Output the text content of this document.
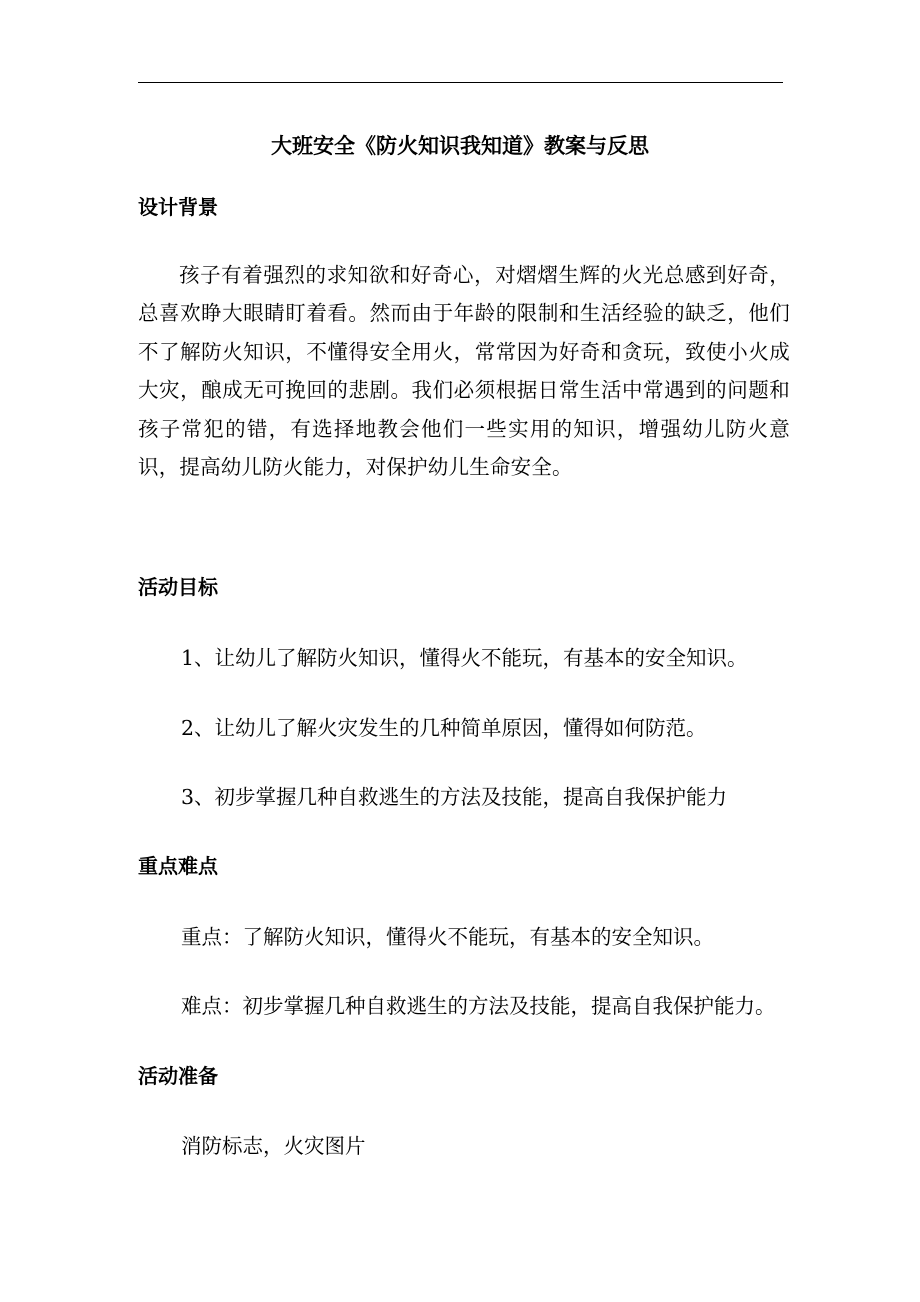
大班安全《防火知识我知道》教案与反思
设计背景
孩子有着强烈的求知欲和好奇心，对熠熠生辉的火光总感到好奇，总喜欢睁大眼睛盯着看。然而由于年龄的限制和生活经验的缺乏，他们不了解防火知识，不懂得安全用火，常常因为好奇和贪玩，致使小火成大灾，酿成无可挽回的悲剧。我们必须根据日常生活中常遇到的问题和孩子常犯的错，有选择地教会他们一些实用的知识，增强幼儿防火意识，提高幼儿防火能力，对保护幼儿生命安全。
活动目标
1、让幼儿了解防火知识，懂得火不能玩，有基本的安全知识。
2、让幼儿了解火灾发生的几种简单原因，懂得如何防范。
3、初步掌握几种自救逃生的方法及技能，提高自我保护能力
重点难点
重点：了解防火知识，懂得火不能玩，有基本的安全知识。
难点：初步掌握几种自救逃生的方法及技能，提高自我保护能力。
活动准备
消防标志，火灾图片
